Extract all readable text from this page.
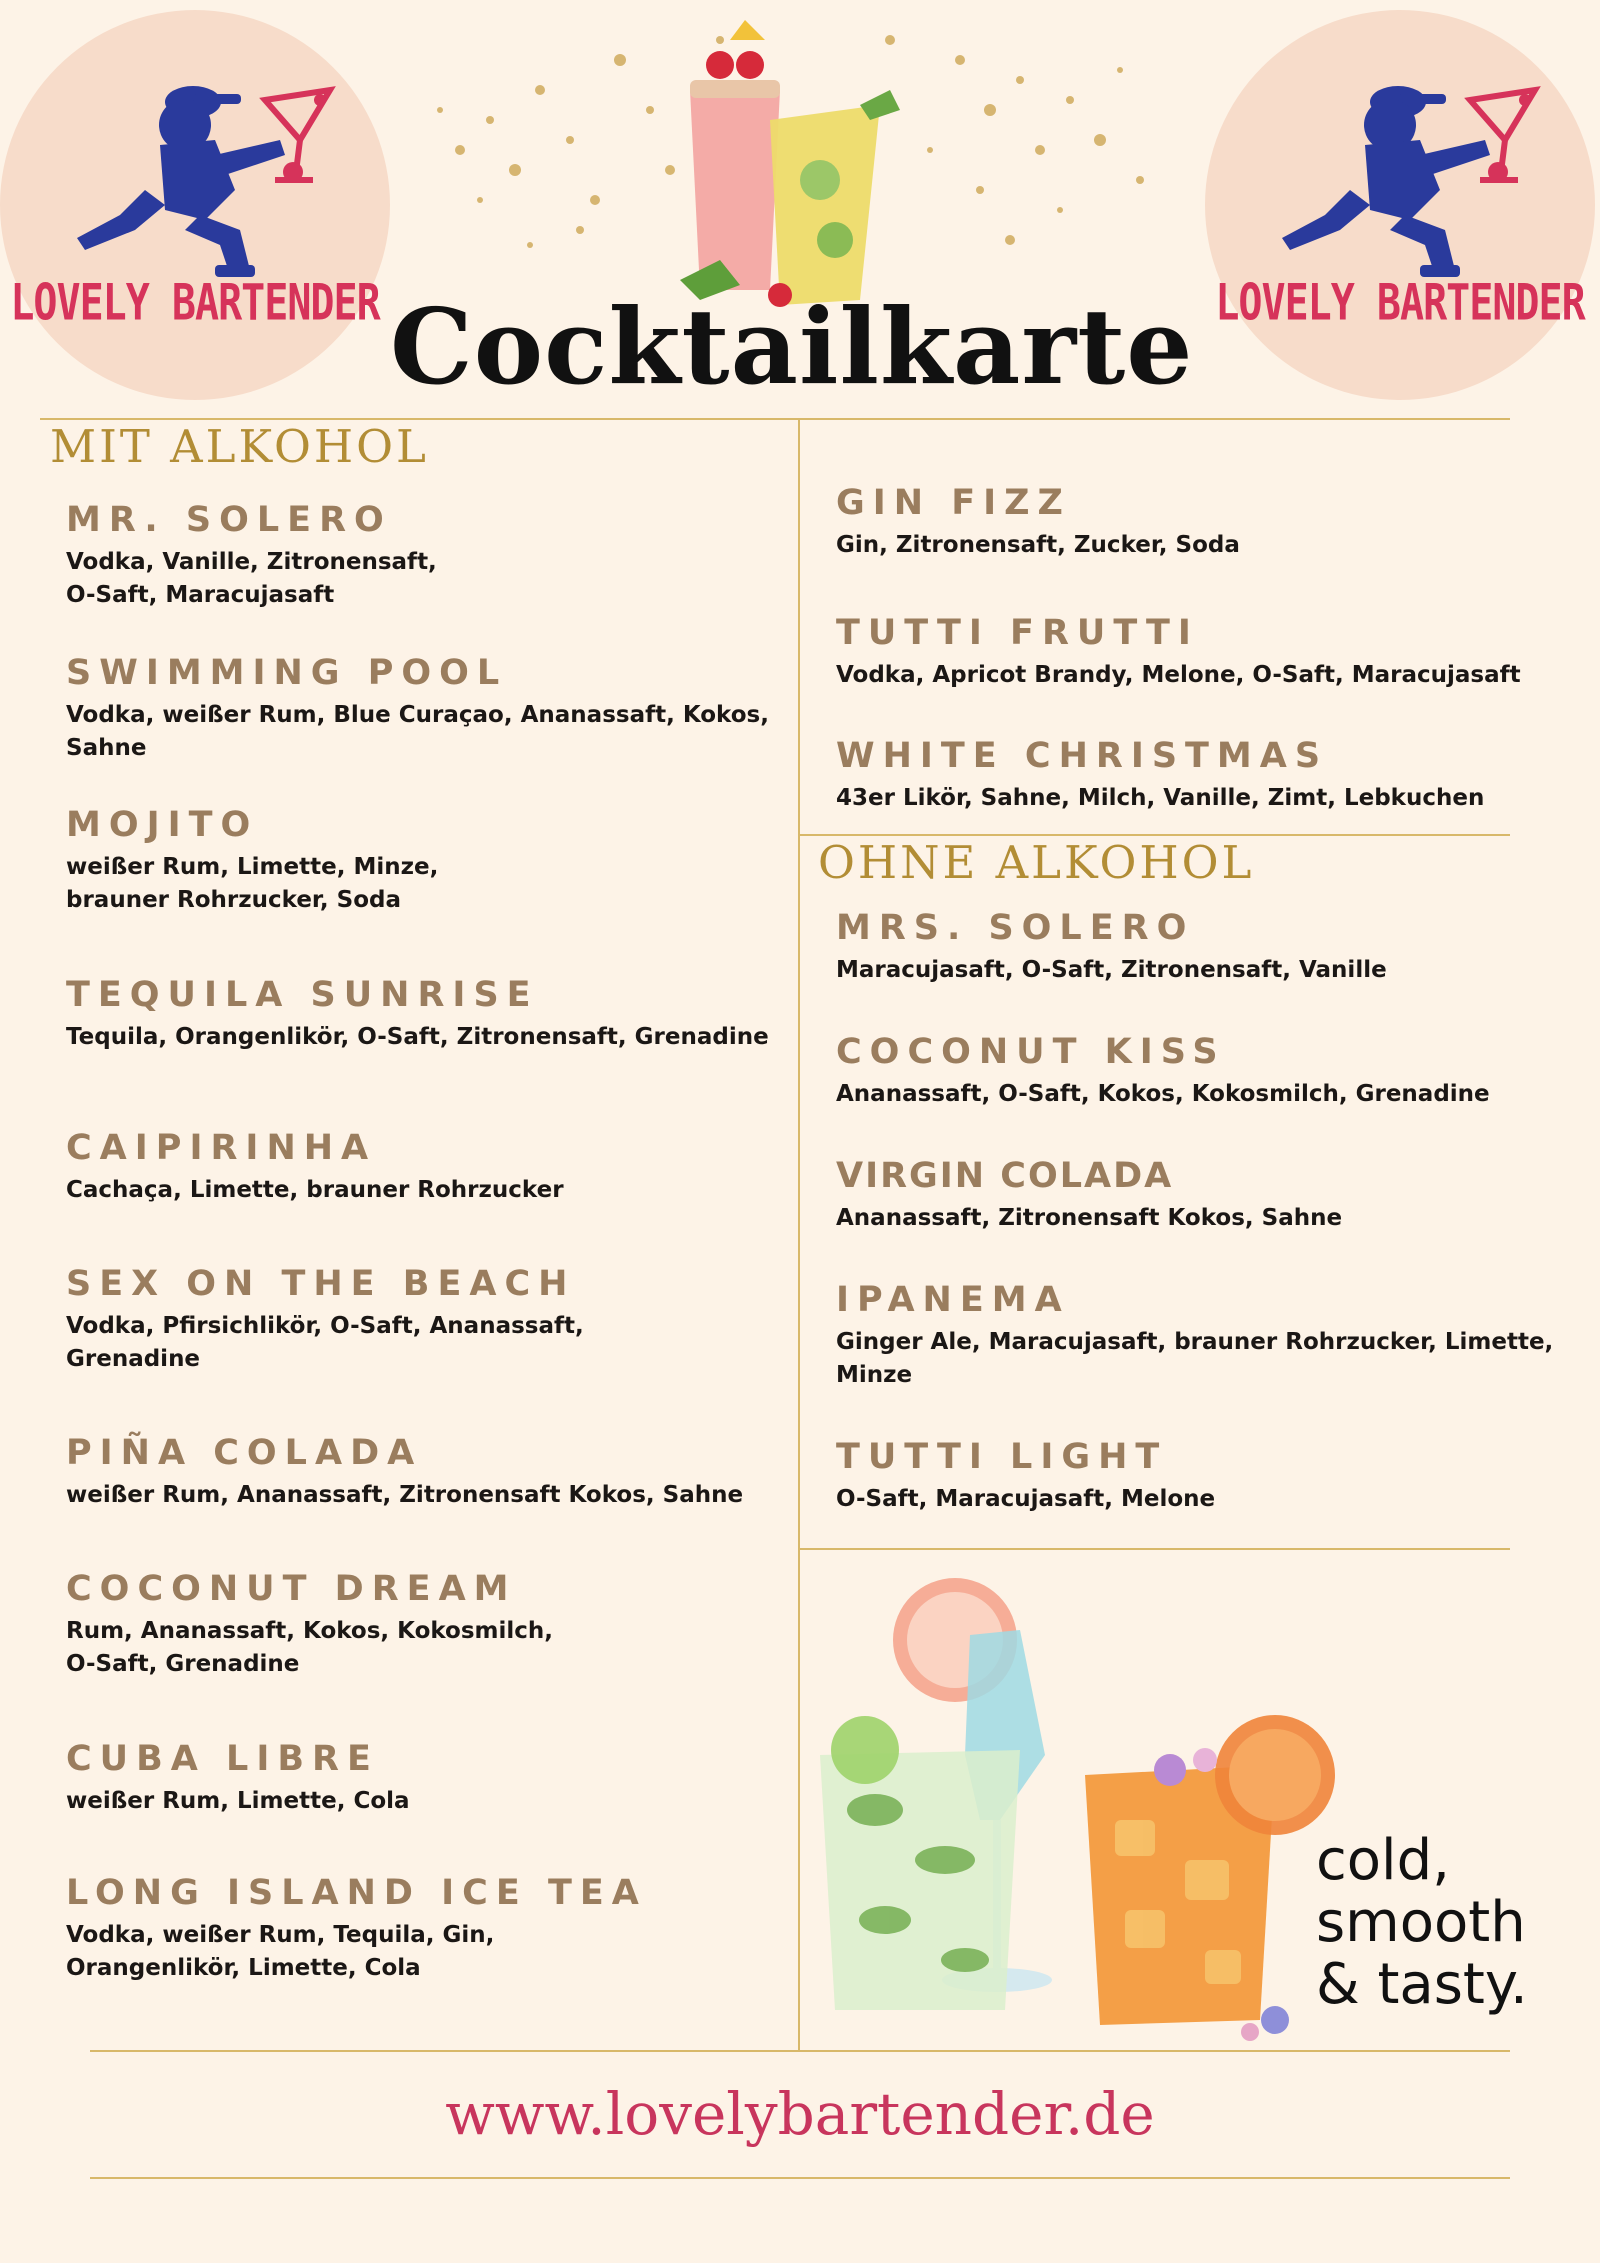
LOVELY BARTENDER	LOVELY BARTENDER
Cocktailkarte
MIT ALKOHOL
OHNE ALKOHOL
MR. SOLERO
Vodka, Vanille, Zitronensaft,
O-Saft, Maracujasaft
SWIMMING POOL
Vodka, weißer Rum, Blue Curaçao, Ananassaft, Kokos,
Sahne
MOJITO
weißer Rum, Limette, Minze,
brauner Rohrzucker, Soda
TEQUILA SUNRISE
Tequila, Orangenlikör, O-Saft, Zitronensaft, Grenadine
CAIPIRINHA
Cachaça, Limette, brauner Rohrzucker
SEX ON THE BEACH
Vodka, Pfirsichlikör, O-Saft, Ananassaft,
Grenadine
PIÑA COLADA
weißer Rum, Ananassaft, Zitronensaft Kokos, Sahne
COCONUT DREAM
Rum, Ananassaft, Kokos, Kokosmilch,
O-Saft, Grenadine
CUBA LIBRE
weißer Rum, Limette, Cola
LONG ISLAND ICE TEA
Vodka, weißer Rum, Tequila, Gin,
Orangenlikör, Limette, Cola
GIN FIZZ
Gin, Zitronensaft, Zucker, Soda
TUTTI FRUTTI
Vodka, Apricot Brandy, Melone, O-Saft, Maracujasaft
WHITE CHRISTMAS
43er Likör, Sahne, Milch, Vanille, Zimt, Lebkuchen
MRS. SOLERO
Maracujasaft, O-Saft, Zitronensaft, Vanille
COCONUT KISS
Ananassaft, O-Saft, Kokos, Kokosmilch, Grenadine
VIRGIN COLADA
Ananassaft, Zitronensaft Kokos, Sahne
IPANEMA
Ginger Ale, Maracujasaft, brauner Rohrzucker, Limette,
Minze
TUTTI LIGHT
O-Saft, Maracujasaft, Melone
cold,
smooth
& tasty.
www.lovelybartender.de
